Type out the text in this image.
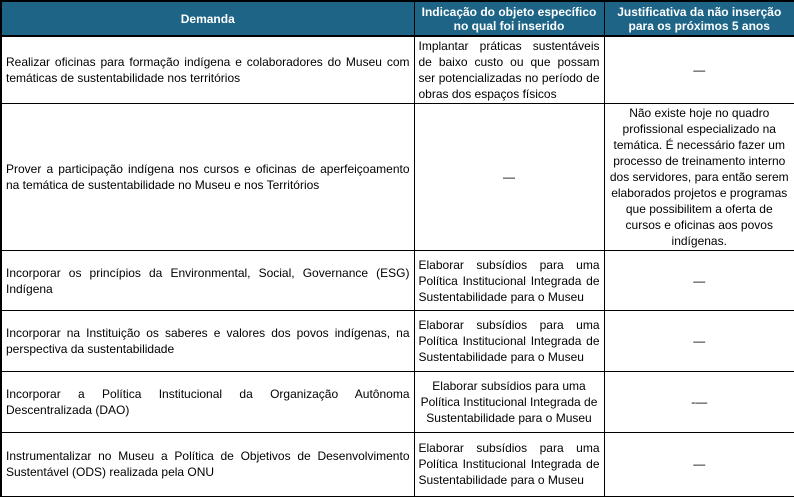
Demanda	Indicação do objeto específico no qual foi inserido	Justificativa da não inserção para os próximos 5 anos
Realizar oficinas para formação indígena e colaboradores do Museu com temáticas de sustentabilidade nos territórios	Implantar práticas sustentáveis de baixo custo ou que possam ser potencializadas no período de obras dos espaços físicos	—
Prover a participação indígena nos cursos e oficinas de aperfeiçoamento na temática de sustentabilidade no Museu e nos Territórios	—	Não existe hoje no quadro profissional especializado na temática. É necessário fazer um processo de treinamento interno dos servidores, para então serem elaborados projetos e programas que possibilitem a oferta de cursos e oficinas aos povos indígenas.
Incorporar os princípios da Environmental, Social, Governance (ESG) Indígena	Elaborar subsídios para uma Política Institucional Integrada de Sustentabilidade para o Museu	—
Incorporar na Instituição os saberes e valores dos povos indígenas, na perspectiva da sustentabilidade	Elaborar subsídios para uma Política Institucional Integrada de Sustentabilidade para o Museu	—
Incorporar a Política Institucional da Organização Autônoma Descentralizada (DAO)	Elaborar subsídios para uma Política Institucional Integrada de Sustentabilidade para o Museu	-—
Instrumentalizar no Museu a Política de Objetivos de Desenvolvimento Sustentável (ODS) realizada pela ONU	Elaborar subsídios para uma Política Institucional Integrada de Sustentabilidade para o Museu	—
